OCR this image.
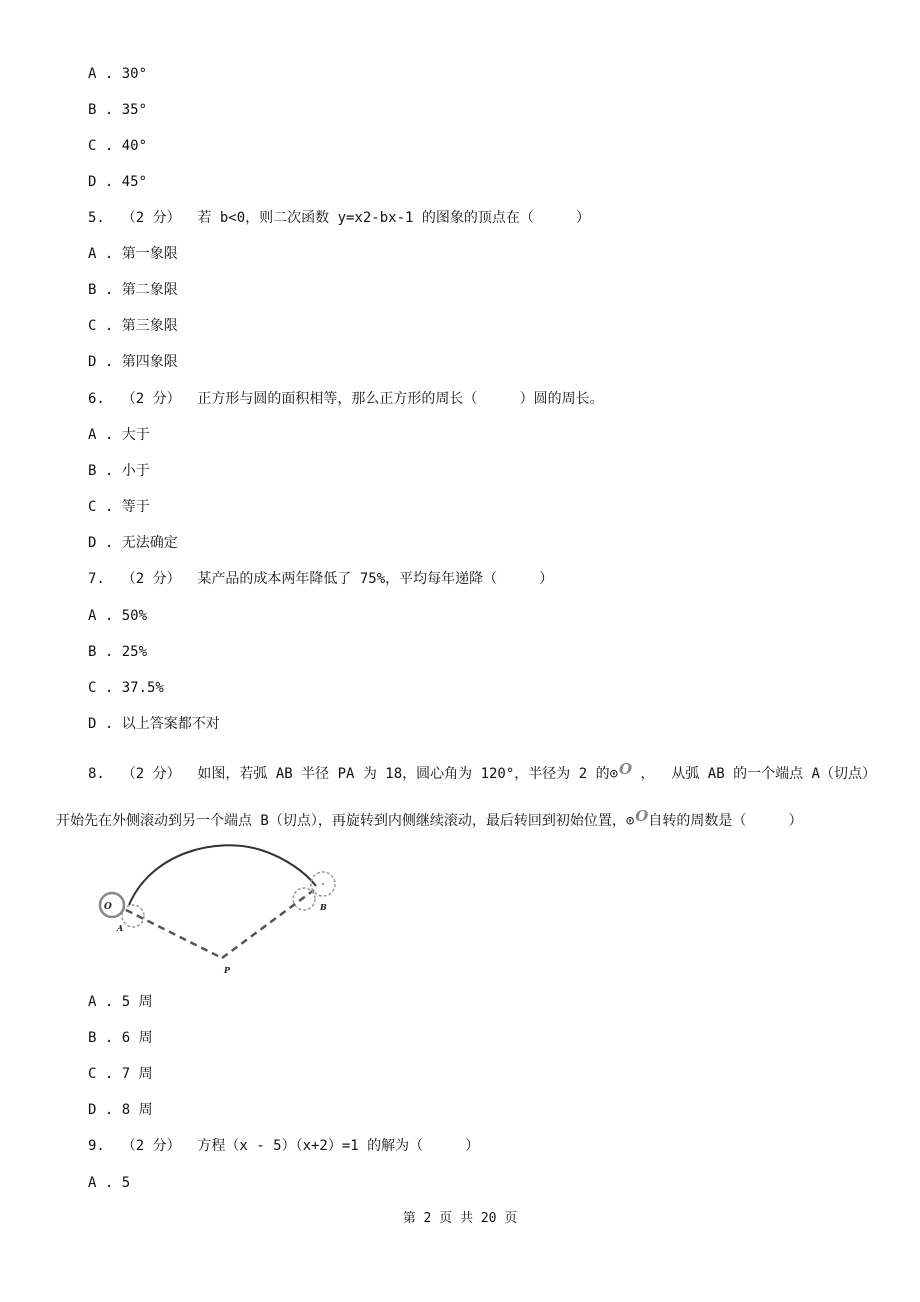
A . 30°
B . 35°
C . 40°
D . 45°
5.  （2 分）  若 b<0，则二次函数 y=x2-bx-1 的图象的顶点在（     ）
A . 第一象限
B . 第二象限
C . 第三象限
D . 第四象限
6.  （2 分）  正方形与圆的面积相等，那么正方形的周长（     ）圆的周长。
A . 大于
B . 小于
C . 等于
D . 无法确定
7.  （2 分）  某产品的成本两年降低了 75%，平均每年递降（     ）
A . 50%
B . 25%
C . 37.5%
D . 以上答案都不对
8.  （2 分）  如图，若弧 AB 半径 PA 为 18，圆心角为 120°，半径为 2 的⊙O ，  从弧 AB 的一个端点 A（切点）
开始先在外侧滚动到另一个端点 B（切点），再旋转到内侧继续滚动，最后转回到初始位置，⊙O自转的周数是（     ）
O
A
B
P
A . 5 周
B . 6 周
C . 7 周
D . 8 周
9.  （2 分）  方程（x - 5）（x+2）=1 的解为（     ）
A . 5
第 2 页 共 20 页
